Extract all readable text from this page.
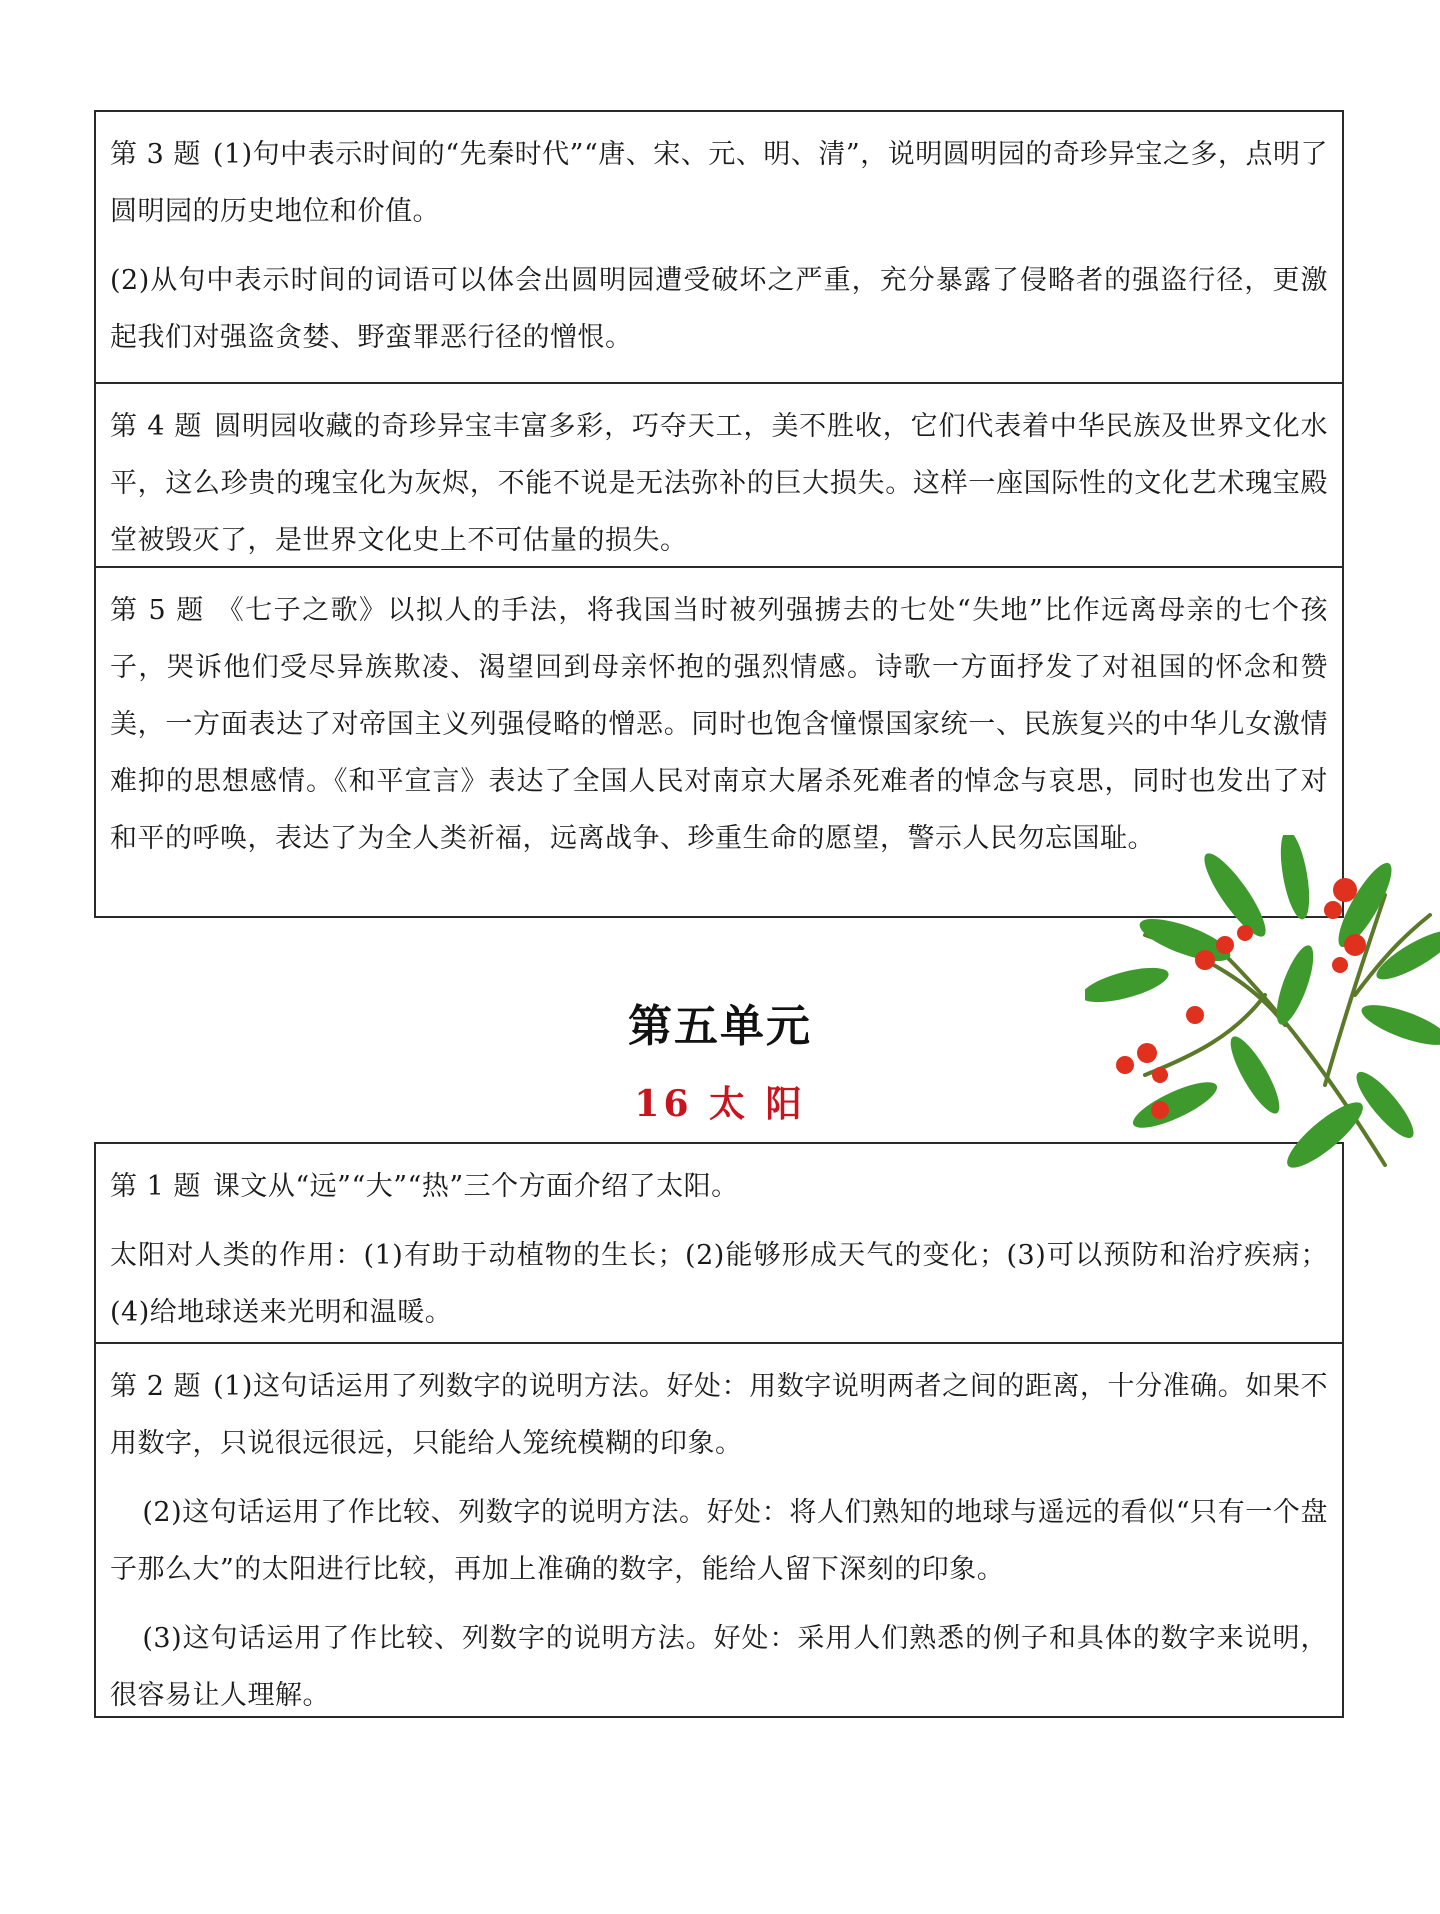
第 3 题 (1)句中表示时间的“先秦时代”“唐、宋、元、明、清”，说明圆明园的奇珍异宝之多，点明了圆明园的历史地位和价值。

(2)从句中表示时间的词语可以体会出圆明园遭受破坏之严重，充分暴露了侵略者的强盗行径，更激起我们对强盗贪婪、野蛮罪恶行径的憎恨。

第 4 题 圆明园收藏的奇珍异宝丰富多彩，巧夺天工，美不胜收，它们代表着中华民族及世界文化水平，这么珍贵的瑰宝化为灰烬，不能不说是无法弥补的巨大损失。这样一座国际性的文化艺术瑰宝殿堂被毁灭了，是世界文化史上不可估量的损失。

第 5 题 《七子之歌》以拟人的手法，将我国当时被列强掳去的七处“失地”比作远离母亲的七个孩子，哭诉他们受尽异族欺凌、渴望回到母亲怀抱的强烈情感。诗歌一方面抒发了对祖国的怀念和赞美，一方面表达了对帝国主义列强侵略的憎恶。同时也饱含憧憬国家统一、民族复兴的中华儿女激情难抑的思想感情。《和平宣言》表达了全国人民对南京大屠杀死难者的悼念与哀思，同时也发出了对和平的呼唤，表达了为全人类祈福，远离战争、珍重生命的愿望，警示人民勿忘国耻。

第五单元
16 太 阳

第 1 题 课文从“远”“大”“热”三个方面介绍了太阳。

太阳对人类的作用：(1)有助于动植物的生长；(2)能够形成天气的变化；(3)可以预防和治疗疾病；(4)给地球送来光明和温暖。

第 2 题 (1)这句话运用了列数字的说明方法。好处：用数字说明两者之间的距离，十分准确。如果不用数字，只说很远很远，只能给人笼统模糊的印象。

(2)这句话运用了作比较、列数字的说明方法。好处：将人们熟知的地球与遥远的看似“只有一个盘子那么大”的太阳进行比较，再加上准确的数字，能给人留下深刻的印象。

(3)这句话运用了作比较、列数字的说明方法。好处：采用人们熟悉的例子和具体的数字来说明，很容易让人理解。
